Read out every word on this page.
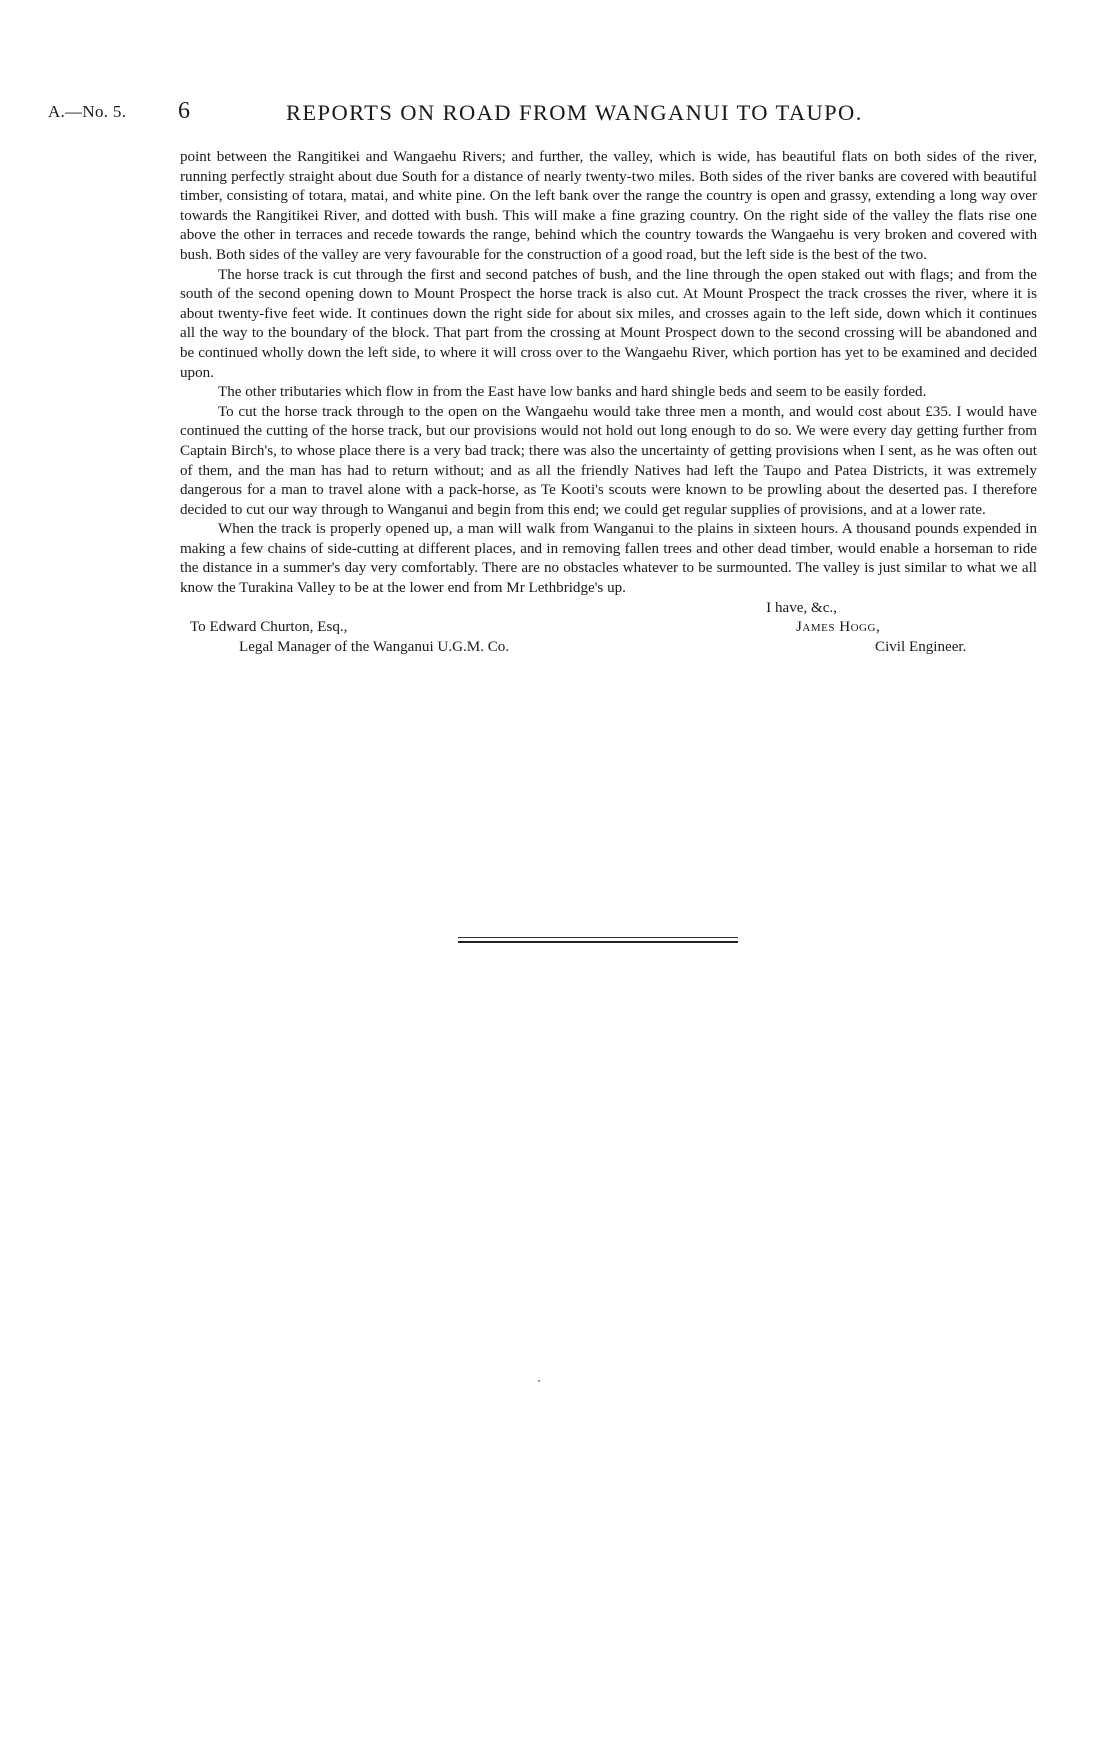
A.—No. 5. 6	REPORTS ON ROAD FROM WANGANUI TO TAUPO.

point between the Rangitikei and Wangaehu Rivers; and further, the valley, which is wide, has beautiful flats on both sides of the river, running perfectly straight about due South for a distance of nearly twenty-two miles. Both sides of the river banks are covered with beautiful timber, consisting of totara, matai, and white pine. On the left bank over the range the country is open and grassy, extending a long way over towards the Rangitikei River, and dotted with bush. This will make a fine grazing country. On the right side of the valley the flats rise one above the other in terraces and recede towards the range, behind which the country towards the Wangaehu is very broken and covered with bush. Both sides of the valley are very favourable for the construction of a good road, but the left side is the best of the two.

The horse track is cut through the first and second patches of bush, and the line through the open staked out with flags; and from the south of the second opening down to Mount Prospect the horse track is also cut. At Mount Prospect the track crosses the river, where it is about twenty-five feet wide. It continues down the right side for about six miles, and crosses again to the left side, down which it continues all the way to the boundary of the block. That part from the crossing at Mount Prospect down to the second crossing will be abandoned and be continued wholly down the left side, to where it will cross over to the Wangaehu River, which portion has yet to be examined and decided upon.

The other tributaries which flow in from the East have low banks and hard shingle beds and seem to be easily forded.

To cut the horse track through to the open on the Wangaehu would take three men a month, and would cost about £35. I would have continued the cutting of the horse track, but our provisions would not hold out long enough to do so. We were every day getting further from Captain Birch's, to whose place there is a very bad track; there was also the uncertainty of getting provisions when I sent, as he was often out of them, and the man has had to return without; and as all the friendly Natives had left the Taupo and Patea Districts, it was extremely dangerous for a man to travel alone with a pack-horse, as Te Kooti's scouts were known to be prowling about the deserted pas. I therefore decided to cut our way through to Wanganui and begin from this end; we could get regular supplies of provisions, and at a lower rate.

When the track is properly opened up, a man will walk from Wanganui to the plains in sixteen hours. A thousand pounds expended in making a few chains of side-cutting at different places, and in removing fallen trees and other dead timber, would enable a horseman to ride the distance in a summer's day very comfortably. There are no obstacles whatever to be surmounted. The valley is just similar to what we all know the Turakina Valley to be at the lower end from Mr Lethbridge's up.

I have, &c.,

To Edward Churton, Esq.,	James Hogg,
Legal Manager of the Wanganui U.G.M. Co.	Civil Engineer.
